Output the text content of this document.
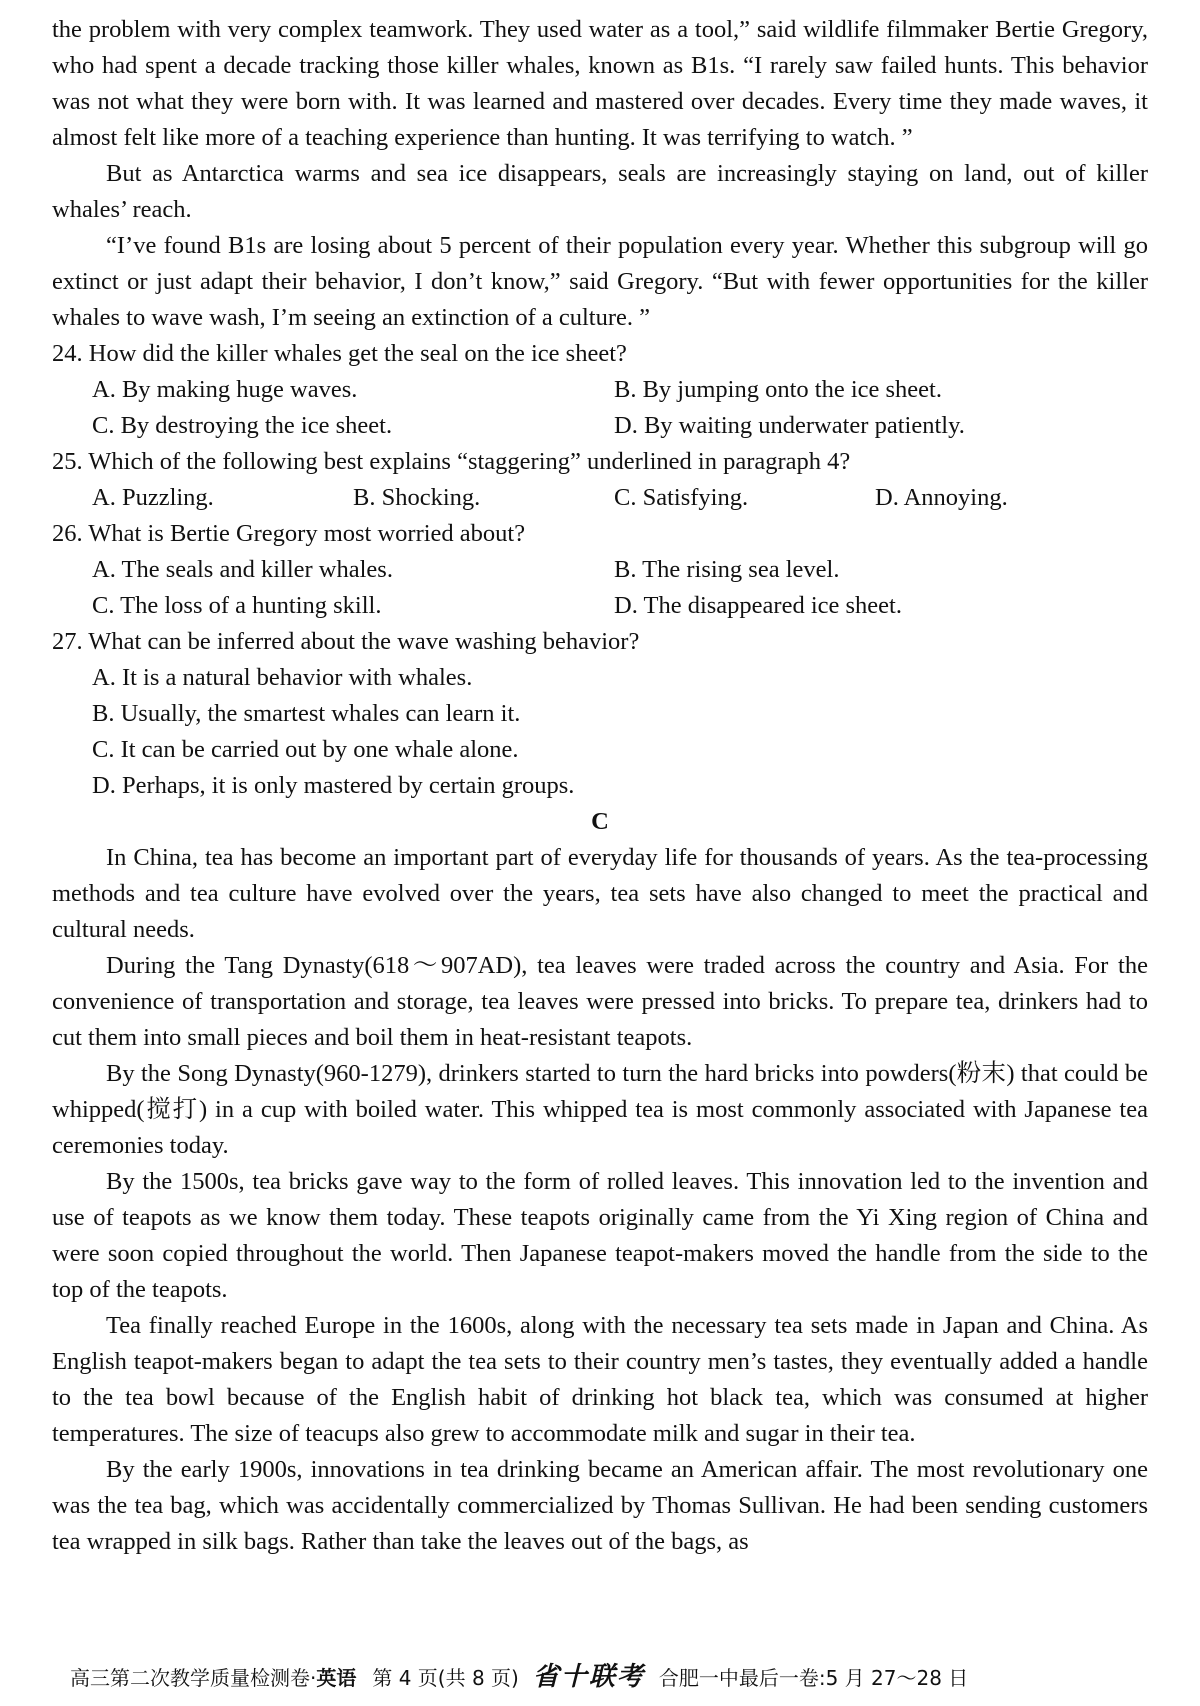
the problem with very complex teamwork. They used water as a tool,” said wildlife filmmaker Bertie Gregory, who had spent a decade tracking those killer whales, known as B1s. “I rarely saw failed hunts. This behavior was not what they were born with. It was learned and mastered over decades. Every time they made waves, it almost felt like more of a teaching experience than hunting. It was terrifying to watch. ”

But as Antarctica warms and sea ice disappears, seals are increasingly staying on land, out of killer whales’ reach.

“I’ve found B1s are losing about 5 percent of their population every year. Whether this subgroup will go extinct or just adapt their behavior, I don’t know,” said Gregory. “But with fewer opportunities for the killer whales to wave wash, I’m seeing an extinction of a culture. ”

24. How did the killer whales get the seal on the ice sheet?

A. By making huge waves.	B. By jumping onto the ice sheet.
C. By destroying the ice sheet.	D. By waiting underwater patiently.

25. Which of the following best explains “staggering” underlined in paragraph 4?

A. Puzzling.	B. Shocking.	C. Satisfying.	D. Annoying.

26. What is Bertie Gregory most worried about?

A. The seals and killer whales.	B. The rising sea level.
C. The loss of a hunting skill.	D. The disappeared ice sheet.

27. What can be inferred about the wave washing behavior?

A. It is a natural behavior with whales.
B. Usually, the smartest whales can learn it.
C. It can be carried out by one whale alone.
D. Perhaps, it is only mastered by certain groups.

C

In China, tea has become an important part of everyday life for thousands of years. As the tea-processing methods and tea culture have evolved over the years, tea sets have also changed to meet the practical and cultural needs.

During the Tang Dynasty(618～907AD), tea leaves were traded across the country and Asia. For the convenience of transportation and storage, tea leaves were pressed into bricks. To prepare tea, drinkers had to cut them into small pieces and boil them in heat-resistant teapots.

By the Song Dynasty(960-1279), drinkers started to turn the hard bricks into powders(粉末) that could be whipped(搅打) in a cup with boiled water. This whipped tea is most commonly associated with Japanese tea ceremonies today.

By the 1500s, tea bricks gave way to the form of rolled leaves. This innovation led to the invention and use of teapots as we know them today. These teapots originally came from the Yi Xing region of China and were soon copied throughout the world. Then Japanese teapot-makers moved the handle from the side to the top of the teapots.

Tea finally reached Europe in the 1600s, along with the necessary tea sets made in Japan and China. As English teapot-makers began to adapt the tea sets to their country men’s tastes, they eventually added a handle to the tea bowl because of the English habit of drinking hot black tea, which was consumed at higher temperatures. The size of teacups also grew to accommodate milk and sugar in their tea.

By the early 1900s, innovations in tea drinking became an American affair. The most revolutionary one was the tea bag, which was accidentally commercialized by Thomas Sullivan. He had been sending customers tea wrapped in silk bags. Rather than take the leaves out of the bags, as

高三第二次教学质量检测卷·英语 第 4 页(共 8 页) 省十联考 合肥一中最后一卷:5 月 27～28 日
